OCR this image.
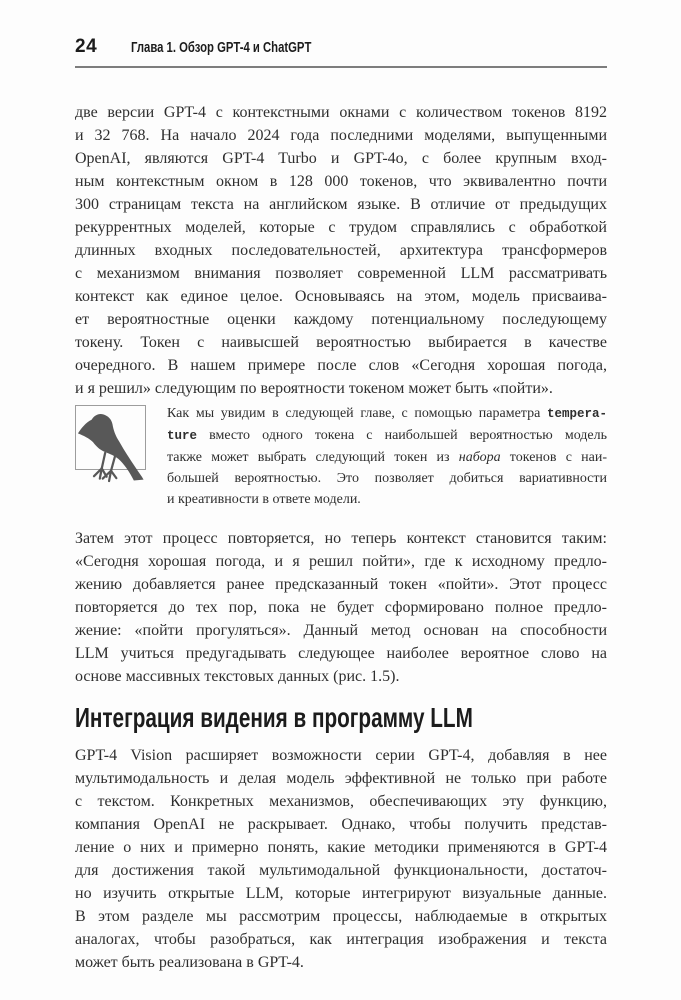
24 Глава 1. Обзор GPT-4 и ChatGPT
две версии GPT-4 с контекстными окнами с количеством токенов 8192
и 32 768. На начало 2024 года последними моделями, выпущенными
OpenAI, являются GPT-4 Turbo и GPT-4o, с более крупным вход-
ным контекстным окном в 128 000 токенов, что эквивалентно почти
300 страницам текста на английском языке. В отличие от предыдущих
рекуррентных моделей, которые с трудом справлялись с обработкой
длинных входных последовательностей, архитектура трансформеров
с механизмом внимания позволяет современной LLM рассматривать
контекст как единое целое. Основываясь на этом, модель присваива-
ет вероятностные оценки каждому потенциальному последующему
токену. Токен с наивысшей вероятностью выбирается в качестве
очередного. В нашем примере после слов «Сегодня хорошая погода,
и я решил» следующим по вероятности токеном может быть «пойти».
Как мы увидим в следующей главе, с помощью параметра tempera-
ture вместо одного токена с наибольшей вероятностью модель
также может выбрать следующий токен из набора токенов с наи-
большей вероятностью. Это позволяет добиться вариативности
и креативности в ответе модели.
Затем этот процесс повторяется, но теперь контекст становится таким:
«Сегодня хорошая погода, и я решил пойти», где к исходному предло-
жению добавляется ранее предсказанный токен «пойти». Этот процесс
повторяется до тех пор, пока не будет сформировано полное предло-
жение: «пойти прогуляться». Данный метод основан на способности
LLM учиться предугадывать следующее наиболее вероятное слово на
основе массивных текстовых данных (рис. 1.5).
Интеграция видения в программу LLM
GPT-4 Vision расширяет возможности серии GPT-4, добавляя в нее
мультимодальность и делая модель эффективной не только при работе
с текстом. Конкретных механизмов, обеспечивающих эту функцию,
компания OpenAI не раскрывает. Однако, чтобы получить представ-
ление о них и примерно понять, какие методики применяются в GPT-4
для достижения такой мультимодальной функциональности, достаточ-
но изучить открытые LLM, которые интегрируют визуальные данные.
В этом разделе мы рассмотрим процессы, наблюдаемые в открытых
аналогах, чтобы разобраться, как интеграция изображения и текста
может быть реализована в GPT-4.
